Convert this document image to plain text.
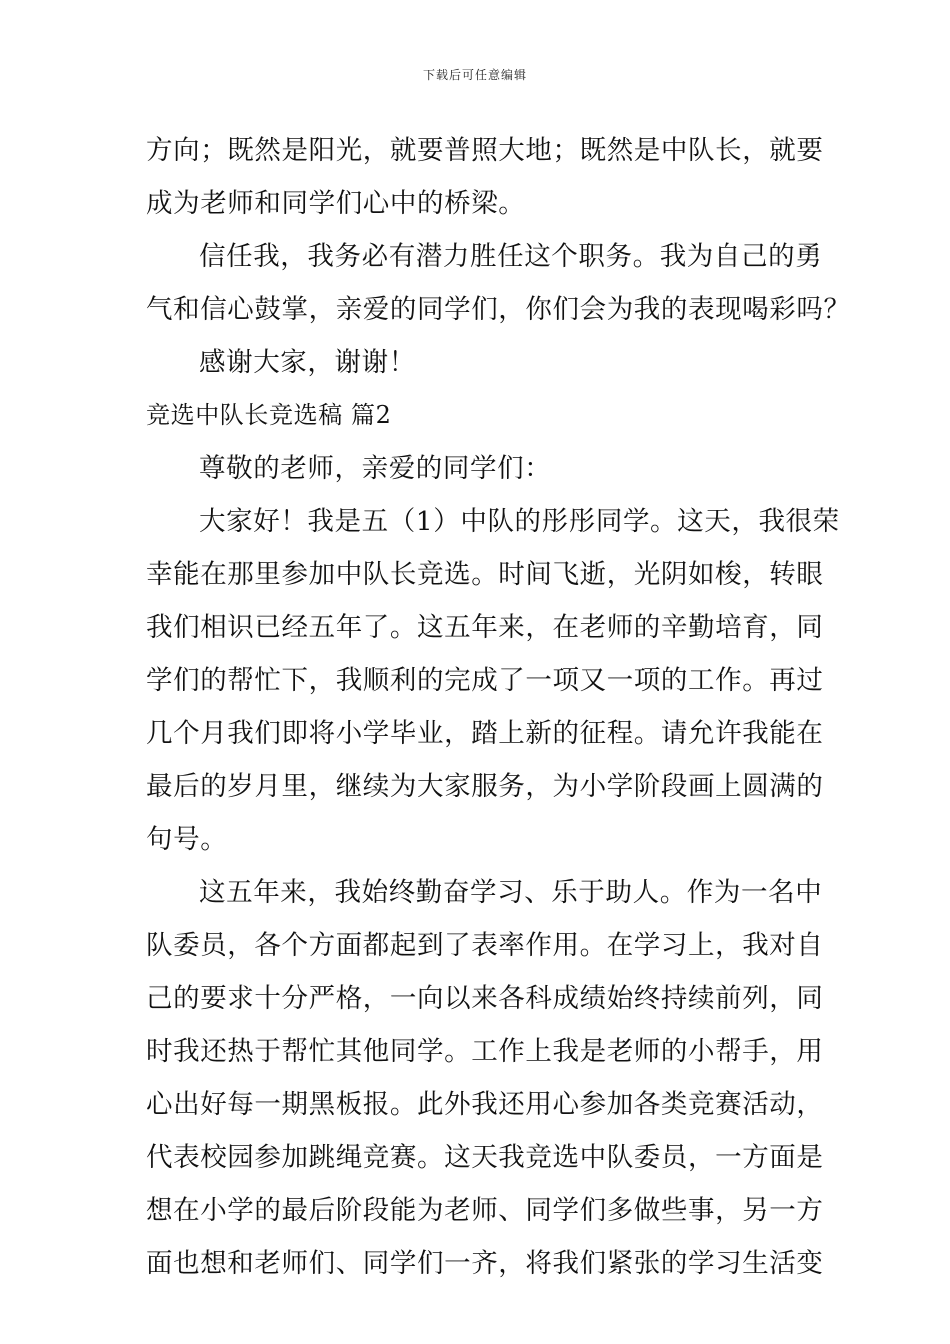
下载后可任意编辑
方向；既然是阳光，就要普照大地；既然是中队长，就要
成为老师和同学们心中的桥梁。
信任我，我务必有潜力胜任这个职务。我为自己的勇
气和信心鼓掌，亲爱的同学们，你们会为我的表现喝彩吗？
感谢大家，谢谢！
竞选中队长竞选稿 篇2
尊敬的老师，亲爱的同学们：
大家好！我是五（1）中队的彤彤同学。这天，我很荣
幸能在那里参加中队长竞选。时间飞逝，光阴如梭，转眼
我们相识已经五年了。这五年来，在老师的辛勤培育，同
学们的帮忙下，我顺利的完成了一项又一项的工作。再过
几个月我们即将小学毕业，踏上新的征程。请允许我能在
最后的岁月里，继续为大家服务，为小学阶段画上圆满的
句号。
这五年来，我始终勤奋学习、乐于助人。作为一名中
队委员，各个方面都起到了表率作用。在学习上，我对自
己的要求十分严格，一向以来各科成绩始终持续前列，同
时我还热于帮忙其他同学。工作上我是老师的小帮手，用
心出好每一期黑板报。此外我还用心参加各类竞赛活动，
代表校园参加跳绳竞赛。这天我竞选中队委员，一方面是
想在小学的最后阶段能为老师、同学们多做些事，另一方
面也想和老师们、同学们一齐，将我们紧张的学习生活变
